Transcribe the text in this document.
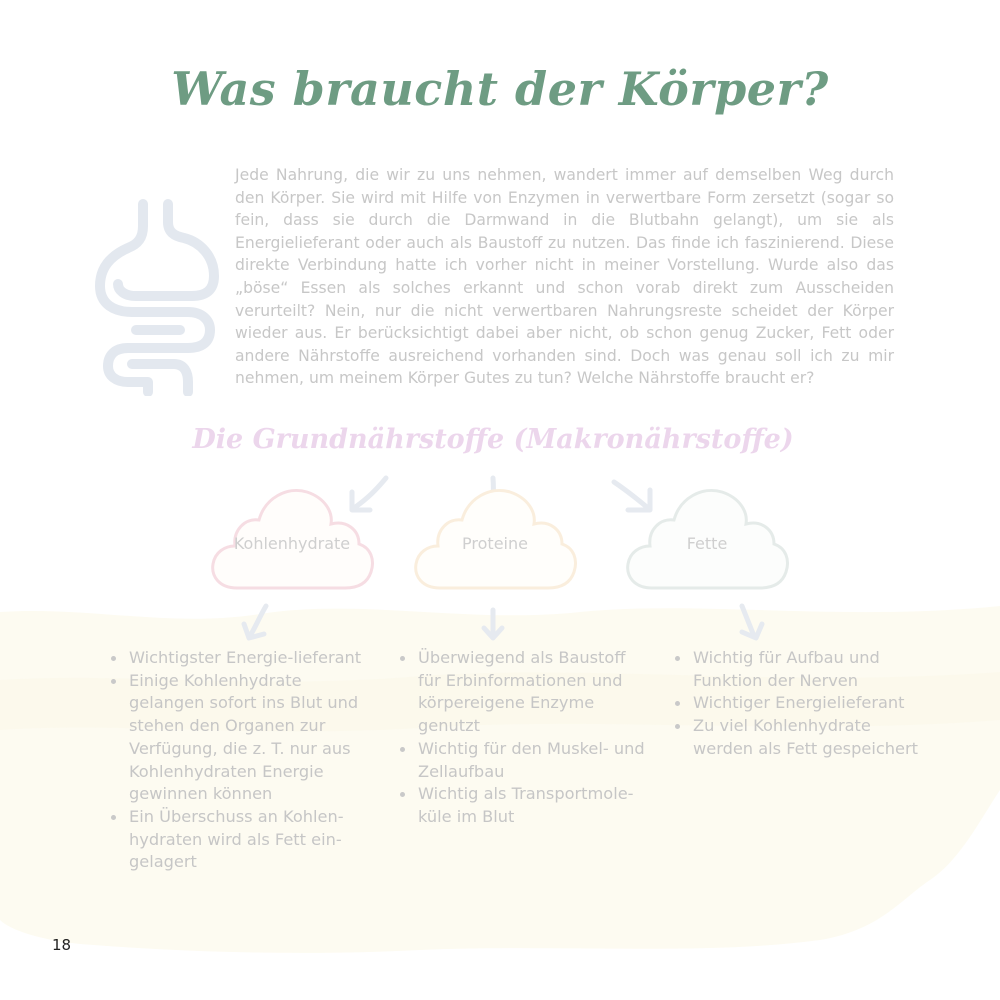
Was braucht der Körper?

Jede Nahrung, die wir zu uns nehmen, wandert immer auf demselben Weg durch den Körper. Sie wird mit Hilfe von Enzymen in verwertbare Form zersetzt (sogar so fein, dass sie durch die Darmwand in die Blutbahn gelangt), um sie als Energielieferant oder auch als Baustoff zu nutzen. Das finde ich faszinierend. Diese direkte Verbindung hatte ich vorher nicht in meiner Vorstellung. Wurde also das „böse“ Essen als solches erkannt und schon vorab direkt zum Ausscheiden verurteilt? Nein, nur die nicht verwertbaren Nahrungsreste scheidet der Körper wieder aus. Er berücksichtigt dabei aber nicht, ob schon genug Zucker, Fett oder andere Nährstoffe ausreichend vorhanden sind. Doch was genau soll ich zu mir nehmen, um meinem Körper Gutes zu tun? Welche Nährstoffe braucht er?

Die Grundnährstoffe (Makronährstoffe)
Kohlenhydrate	Proteine	Fette
Wichtigster Energie-lieferant
Einige Kohlenhydrate gelangen sofort ins Blut und stehen den Organen zur Verfügung, die z. T. nur aus Kohlenhydraten Energie gewinnen können
Ein Überschuss an Kohlen-hydraten wird als Fett ein-gelagert
Überwiegend als Baustoff für Erbinformationen und körpereigene Enzyme genutzt
Wichtig für den Muskel- und Zellaufbau
Wichtig als Transportmole-küle im Blut
Wichtig für Aufbau und Funktion der Nerven
Wichtiger Energielieferant
Zu viel Kohlenhydrate werden als Fett gespeichert
18
